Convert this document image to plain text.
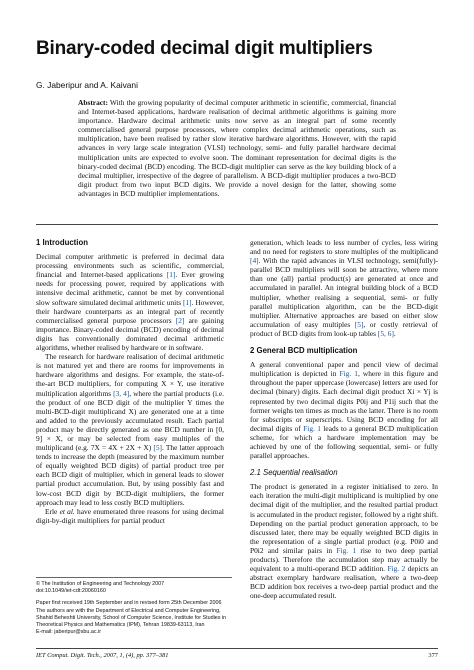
Binary-coded decimal digit multipliers

G. Jaberipur and A. Kaivani

Abstract: With the growing popularity of decimal computer arithmetic in scientific, commercial, financial and Internet-based applications, hardware realisation of decimal arithmetic algorithms is gaining more importance. Hardware decimal arithmetic units now serve as an integral part of some recently commercialised general purpose processors, where complex decimal arithmetic operations, such as multiplication, have been realised by rather slow iterative hardware algorithms. However, with the rapid advances in very large scale integration (VLSI) technology, semi- and fully parallel hardware decimal multiplication units are expected to evolve soon. The dominant representation for decimal digits is the binary-coded decimal (BCD) encoding. The BCD-digit multiplier can serve as the key building block of a decimal multiplier, irrespective of the degree of parallelism. A BCD-digit multiplier produces a two-BCD digit product from two input BCD digits. We provide a novel design for the latter, showing some advantages in BCD multiplier implementations.

1 Introduction

Decimal computer arithmetic is preferred in decimal data processing environments such as scientific, commercial, financial and Internet-based applications [1]. Ever growing needs for processing power, required by applications with intensive decimal arithmetic, cannot be met by conventional slow software simulated decimal arithmetic units [1]. However, their hardware counterparts as an integral part of recently commercialised general purpose processors [2] are gaining importance. Binary-coded decimal (BCD) encoding of decimal digits has conventionally dominated decimal arithmetic algorithms, whether realised by hardware or in software.

The research for hardware realisation of decimal arithmetic is not matured yet and there are rooms for improvements in hardware algorithms and designs. For example, the state-of-the-art BCD multipliers, for computing X × Y, use iterative multiplication algorithms [3, 4], where the partial products (i.e. the product of one BCD digit of the multiplier Y times the multi-BCD-digit multiplicand X) are generated one at a time and added to the previously accumulated result. Each partial product may be directly generated as one BCD number in [0, 9] × X, or may be selected from easy multiples of the multiplicand (e.g. 7X = 4X + 2X + X) [5]. The latter approach tends to increase the depth (measured by the maximum number of equally weighted BCD digits) of partial product tree per each BCD digit of multiplier, which in general leads to slower partial product accumulation. But, by using possibly fast and low-cost BCD digit by BCD-digit multipliers, the former approach may lead to less costly BCD multipliers.

Erle et al. have enumerated three reasons for using decimal digit-by-digit multipliers for partial product

© The Institution of Engineering and Technology 2007

doi:10.1049/iet-cdt:20060160

Paper first received 19th September and in revised form 25th December 2006

The authors are with the Department of Electrical and Computer Engineering, Shahid Beheshti University, School of Computer Science, Institute for Studies in Theoretical Physics and Mathematics (IPM), Tehran 19839-63113, Iran

E-mail: jaberipur@sbu.ac.ir

generation, which leads to less number of cycles, less wiring and no need for registers to store multiples of the multiplicand [4]. With the rapid advances in VLSI technology, semi(fully)-parallel BCD multipliers will soon be attractive, where more than one (all) partial product(s) are generated at once and accumulated in parallel. An integral building block of a BCD multiplier, whether realising a sequential, semi- or fully parallel multiplication algorithm, can be the BCD-digit multiplier. Alternative approaches are based on either slow accumulation of easy multiples [5], or costly retrieval of product of BCD digits from look-up tables [5, 6].

2 General BCD multiplication

A general conventional paper and pencil view of decimal multiplication is depicted in Fig. 1, where in this figure and throughout the paper uppercase (lowercase) letters are used for decimal (binary) digits. Each decimal digit product Xi × Yj is represented by two decimal digits P0ij and P1ij such that the former weighs ten times as much as the latter. There is no room for subscripts or superscripts. Using BCD encoding for all decimal digits of Fig. 1 leads to a general BCD multiplication scheme, for which a hardware implementation may be achieved by one of the following sequential, semi- or fully parallel approaches.

2.1 Sequential realisation

The product is generated in a register initialised to zero. In each iteration the multi-digit multiplicand is multiplied by one decimal digit of the multiplier, and the resulted partial product is accumulated in the product register, followed by a right shift. Depending on the partial product generation approach, to be discussed later, there may be equally weighted BCD digits in the representation of a single partial product (e.g. P0i0 and P0i2 and similar pairs in Fig. 1 rise to two deep partial products). Therefore the accumulation step may actually be equivalent to a multi-operand BCD addition. Fig. 2 depicts an abstract exemplary hardware realisation, where a two-deep BCD addition box receives a two-deep partial product and the one-deep accumulated result.

IET Comput. Digit. Tech., 2007, 1, (4), pp. 377–381	377
